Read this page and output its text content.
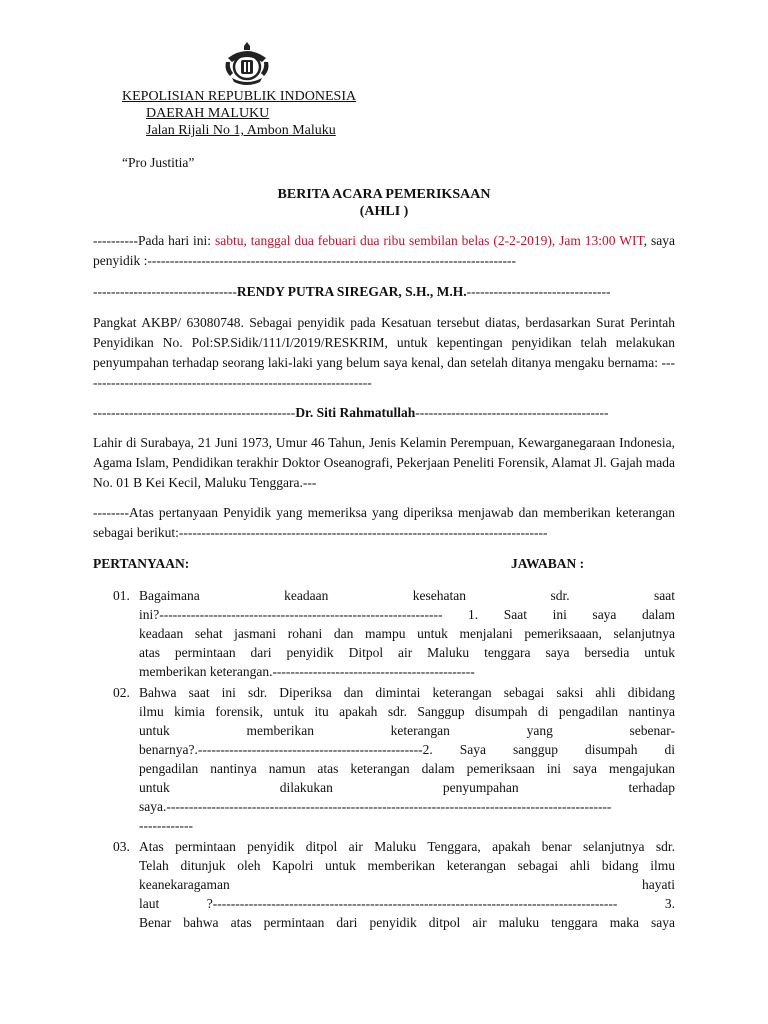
KEPOLISIAN REPUBLIK INDONESIA
DAERAH MALUKU
Jalan Rijali No 1, Ambon Maluku
“Pro Justitia”
BERITA ACARA PEMERIKSAAN
(AHLI )
----------Pada hari ini: sabtu, tanggal dua febuari dua ribu sembilan belas (2-2-2019), Jam 13:00 WIT, saya penyidik :----------------------------------------------------------------------------------
--------------------------------RENDY PUTRA SIREGAR, S.H., M.H.--------------------------------
Pangkat AKBP/ 63080748. Sebagai penyidik pada Kesatuan tersebut diatas, berdasarkan Surat Perintah Penyidikan No. Pol:SP.Sidik/111/I/2019/RESKRIM, untuk kepentingan penyidikan telah melakukan penyumpahan terhadap seorang laki-laki yang belum saya kenal, dan setelah ditanya mengaku bernama: -----------------------------------------------------------------
---------------------------------------------Dr. Siti Rahmatullah-------------------------------------------
Lahir di Surabaya, 21 Juni 1973, Umur 46 Tahun, Jenis Kelamin Perempuan, Kewarganegaraan Indonesia, Agama Islam, Pendidikan terakhir Doktor Oseanografi, Pekerjaan Peneliti Forensik, Alamat Jl. Gajah mada No. 01 B Kei Kecil, Maluku Tenggara.---
--------Atas pertanyaan Penyidik yang memeriksa yang diperiksa menjawab dan memberikan keterangan sebagai berikut:----------------------------------------------------------------------------------
PERTANYAAN:	JAWABAN :
01. Bagaimana keadaan kesehatan sdr. saat
ini?--------------------------------------------------------------- 1. Saat ini saya dalam
keadaan sehat jasmani rohani dan mampu untuk menjalani pemeriksaaan, selanjutnya
atas permintaan dari penyidik Ditpol air Maluku tenggara saya bersedia untuk
memberikan keterangan.---------------------------------------------
02. Bahwa saat ini sdr. Diperiksa dan dimintai keterangan sebagai saksi ahli dibidang
ilmu kimia forensik, untuk itu apakah sdr. Sanggup disumpah di pengadilan nantinya
untuk memberikan keterangan yang sebenar-
benarnya?.--------------------------------------------------2. Saya sanggup disumpah di
pengadilan nantinya namun atas keterangan dalam pemeriksaan ini saya mengajukan
untuk dilakukan penyumpahan terhadap
saya.---------------------------------------------------------------------------------------------------
------------
03. Atas permintaan penyidik ditpol air Maluku Tenggara, apakah benar selanjutnya sdr.
Telah ditunjuk oleh Kapolri untuk memberikan keterangan sebagai ahli bidang ilmu
keanekaragaman hayati
laut ?------------------------------------------------------------------------------------------ 3.
Benar bahwa atas permintaan dari penyidik ditpol air maluku tenggara maka saya
